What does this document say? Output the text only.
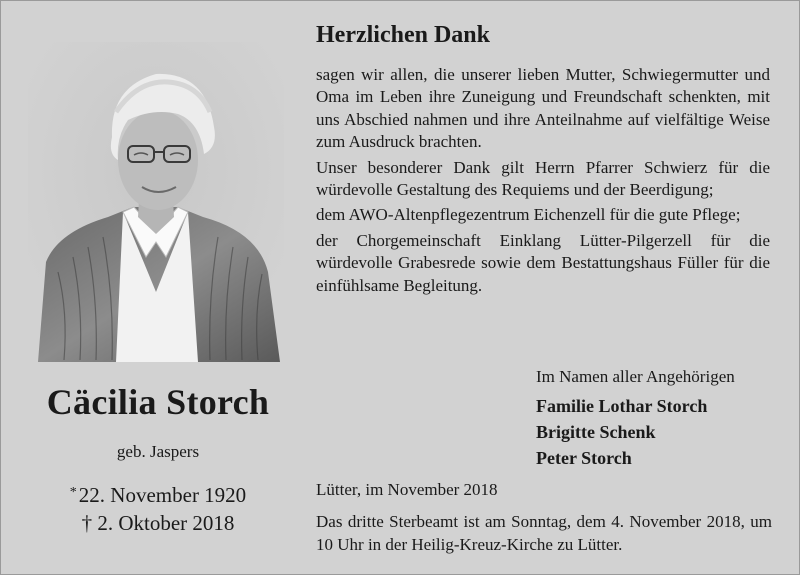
Cäcilia Storch
geb. Jaspers
*22. November 1920
† 2. Oktober 2018
Herzlichen Dank

sagen wir allen, die unserer lieben Mutter, Schwiegermutter und Oma im Leben ihre Zuneigung und Freundschaft schenkten, mit uns Abschied nahmen und ihre Anteilnahme auf vielfältige Weise zum Ausdruck brachten.

Unser besonderer Dank gilt Herrn Pfarrer Schwierz für die würdevolle Gestaltung des Requiems und der Beerdigung;

dem AWO-Altenpflegezentrum Eichenzell für die gute Pflege;

der Chorgemeinschaft Einklang Lütter-Pilgerzell für die würdevolle Grabesrede sowie dem Bestattungshaus Füller für die einfühlsame Begleitung.

Im Namen aller Angehörigen
Familie Lothar Storch
Brigitte Schenk
Peter Storch
Lütter, im November 2018
Das dritte Sterbeamt ist am Sonntag, dem 4. November 2018, um 10 Uhr in der Heilig-Kreuz-Kirche zu Lütter.
